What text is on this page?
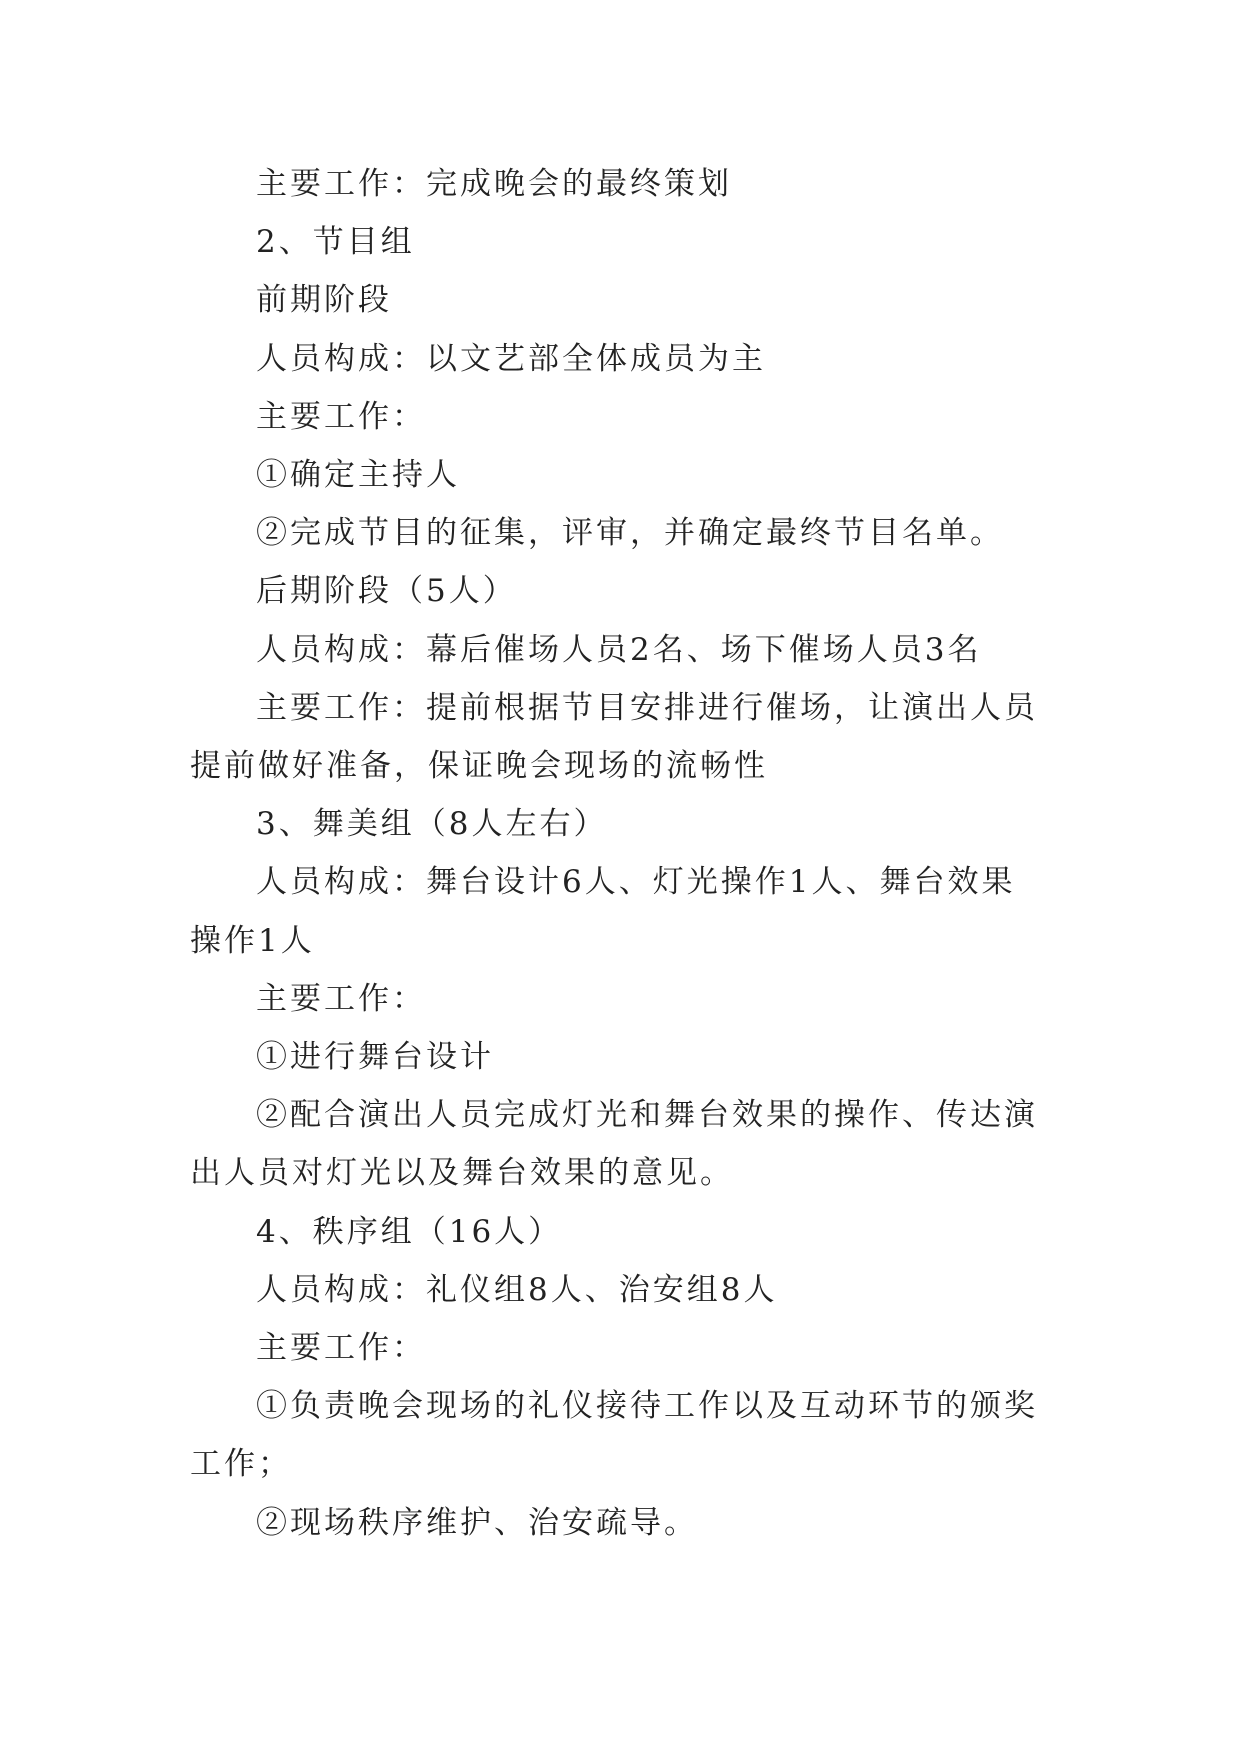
主要工作：完成晚会的最终策划

2、节目组

前期阶段

人员构成：以文艺部全体成员为主

主要工作：

①确定主持人

②完成节目的征集，评审，并确定最终节目名单。

后期阶段（5人）

人员构成：幕后催场人员2名、场下催场人员3名

主要工作：提前根据节目安排进行催场，让演出人员提前做好准备，保证晚会现场的流畅性

3、舞美组（8人左右）

人员构成：舞台设计6人、灯光操作1人、舞台效果操作1人

主要工作：

①进行舞台设计

②配合演出人员完成灯光和舞台效果的操作、传达演出人员对灯光以及舞台效果的意见。

4、秩序组（16人）

人员构成：礼仪组8人、治安组8人

主要工作：

①负责晚会现场的礼仪接待工作以及互动环节的颁奖工作；

②现场秩序维护、治安疏导。
